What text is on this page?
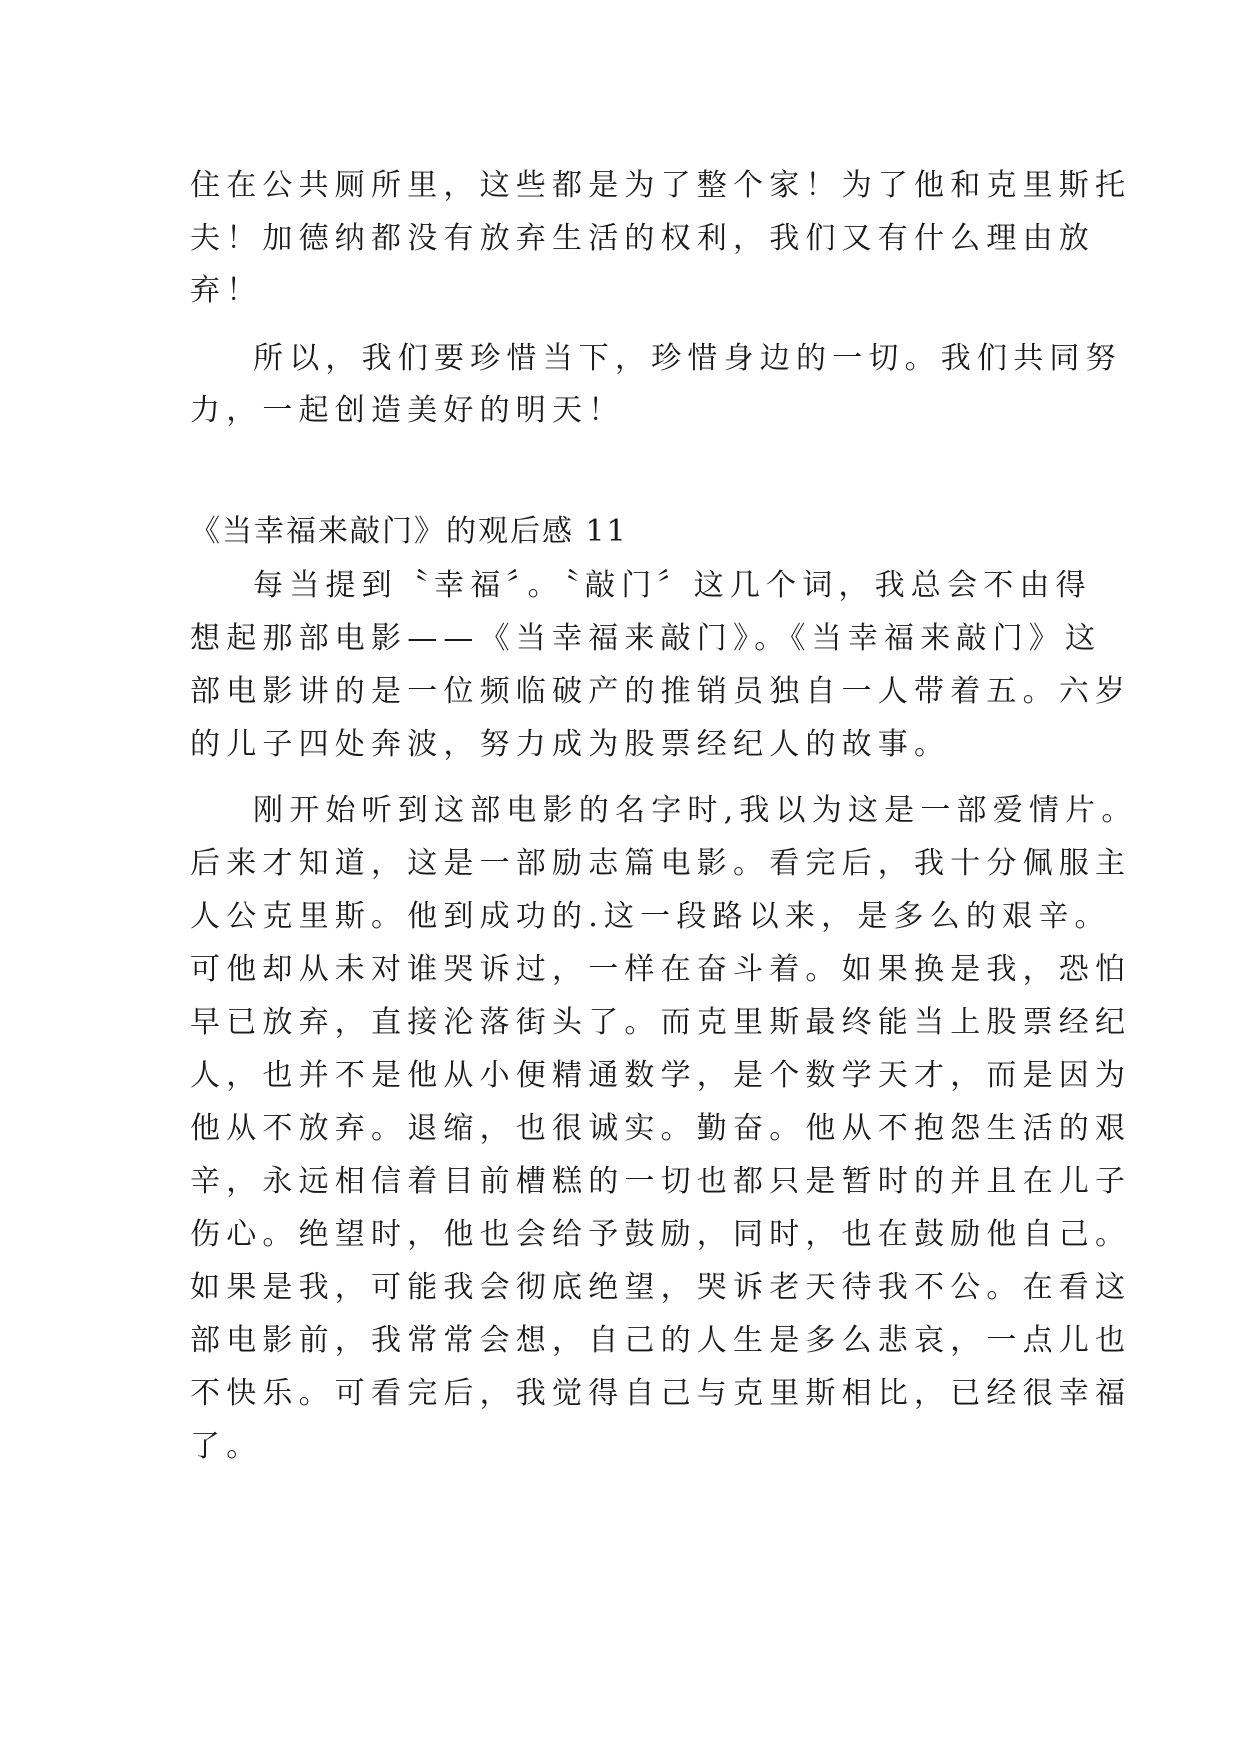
住在公共厕所里，这些都是为了整个家！为了他和克里斯托
夫！加德纳都没有放弃生活的权利，我们又有什么理由放
弃！
所以，我们要珍惜当下，珍惜身边的一切。我们共同努
力，一起创造美好的明天！
《当幸福来敲门》的观后感 11
每当提到〝幸福〞。〝敲门〞这几个词，我总会不由得
想起那部电影——《当幸福来敲门》。《当幸福来敲门》这
部电影讲的是一位频临破产的推销员独自一人带着五。六岁
的儿子四处奔波，努力成为股票经纪人的故事。
刚开始听到这部电影的名字时,我以为这是一部爱情片。
后来才知道，这是一部励志篇电影。看完后，我十分佩服主
人公克里斯。他到成功的.这一段路以来，是多么的艰辛。
可他却从未对谁哭诉过，一样在奋斗着。如果换是我，恐怕
早已放弃，直接沦落街头了。而克里斯最终能当上股票经纪
人，也并不是他从小便精通数学，是个数学天才，而是因为
他从不放弃。退缩，也很诚实。勤奋。他从不抱怨生活的艰
辛，永远相信着目前槽糕的一切也都只是暂时的并且在儿子
伤心。绝望时，他也会给予鼓励，同时，也在鼓励他自己。
如果是我，可能我会彻底绝望，哭诉老天待我不公。在看这
部电影前，我常常会想，自己的人生是多么悲哀，一点儿也
不快乐。可看完后，我觉得自己与克里斯相比，已经很幸福
了。
